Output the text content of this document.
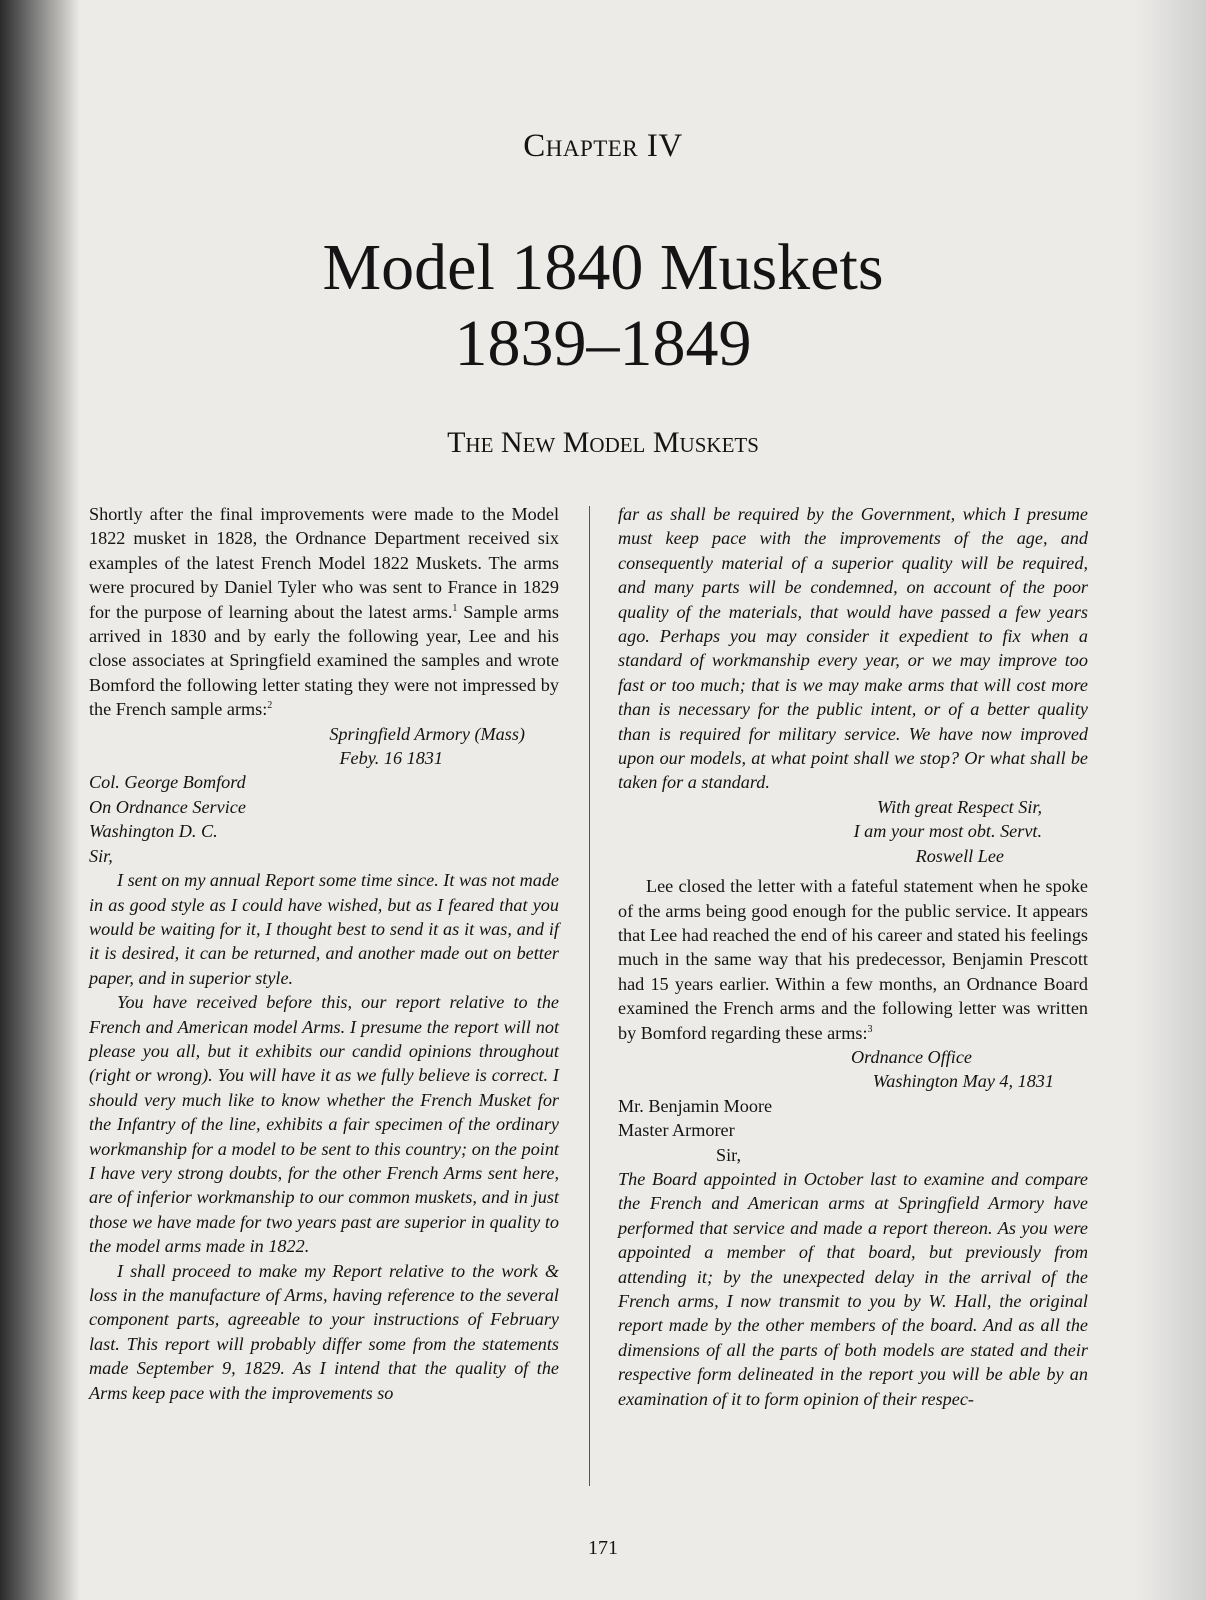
Chapter IV
Model 1840 Muskets
1839–1849
The New Model Muskets

Shortly after the final improvements were made to the Model 1822 musket in 1828, the Ordnance Department received six examples of the latest French Model 1822 Muskets. The arms were procured by Daniel Tyler who was sent to France in 1829 for the purpose of learning about the latest arms.$^1$ Sample arms arrived in 1830 and by early the following year, Lee and his close associates at Springfield examined the samples and wrote Bomford the following letter stating they were not impressed by the French sample arms:$^2$

Springfield Armory (Mass)

Feby. 16 1831

Col. George Bomford

On Ordnance Service

Washington D. C.

Sir,

I sent on my annual Report some time since. It was not made in as good style as I could have wished, but as I feared that you would be waiting for it, I thought best to send it as it was, and if it is desired, it can be returned, and another made out on better paper, and in superior style.

You have received before this, our report relative to the French and American model Arms. I presume the report will not please you all, but it exhibits our candid opinions throughout (right or wrong). You will have it as we fully believe is correct. I should very much like to know whether the French Musket for the Infantry of the line, exhibits a fair specimen of the ordinary workmanship for a model to be sent to this country; on the point I have very strong doubts, for the other French Arms sent here, are of inferior workmanship to our common muskets, and in just those we have made for two years past are superior in quality to the model arms made in 1822.

I shall proceed to make my Report relative to the work & loss in the manufacture of Arms, having reference to the several component parts, agreeable to your instructions of February last. This report will probably differ some from the statements made September 9, 1829. As I intend that the quality of the Arms keep pace with the improvements so

far as shall be required by the Government, which I presume must keep pace with the improvements of the age, and consequently material of a superior quality will be required, and many parts will be condemned, on account of the poor quality of the materials, that would have passed a few years ago. Perhaps you may consider it expedient to fix when a standard of workmanship every year, or we may improve too fast or too much; that is we may make arms that will cost more than is necessary for the public intent, or of a better quality than is required for military service. We have now improved upon our models, at what point shall we stop? Or what shall be taken for a standard.

With great Respect Sir,

I am your most obt. Servt.

Roswell Lee

Lee closed the letter with a fateful statement when he spoke of the arms being good enough for the public service. It appears that Lee had reached the end of his career and stated his feelings much in the same way that his predecessor, Benjamin Prescott had 15 years earlier. Within a few months, an Ordnance Board examined the French arms and the following letter was written by Bomford regarding these arms:$^3$

Ordnance Office

Washington May 4, 1831

Mr. Benjamin Moore

Master Armorer

Sir,

The Board appointed in October last to examine and compare the French and American arms at Springfield Armory have performed that service and made a report thereon. As you were appointed a member of that board, but previously from attending it; by the unexpected delay in the arrival of the French arms, I now transmit to you by W. Hall, the original report made by the other members of the board. And as all the dimensions of all the parts of both models are stated and their respective form delineated in the report you will be able by an examination of it to form opinion of their respec-

171
